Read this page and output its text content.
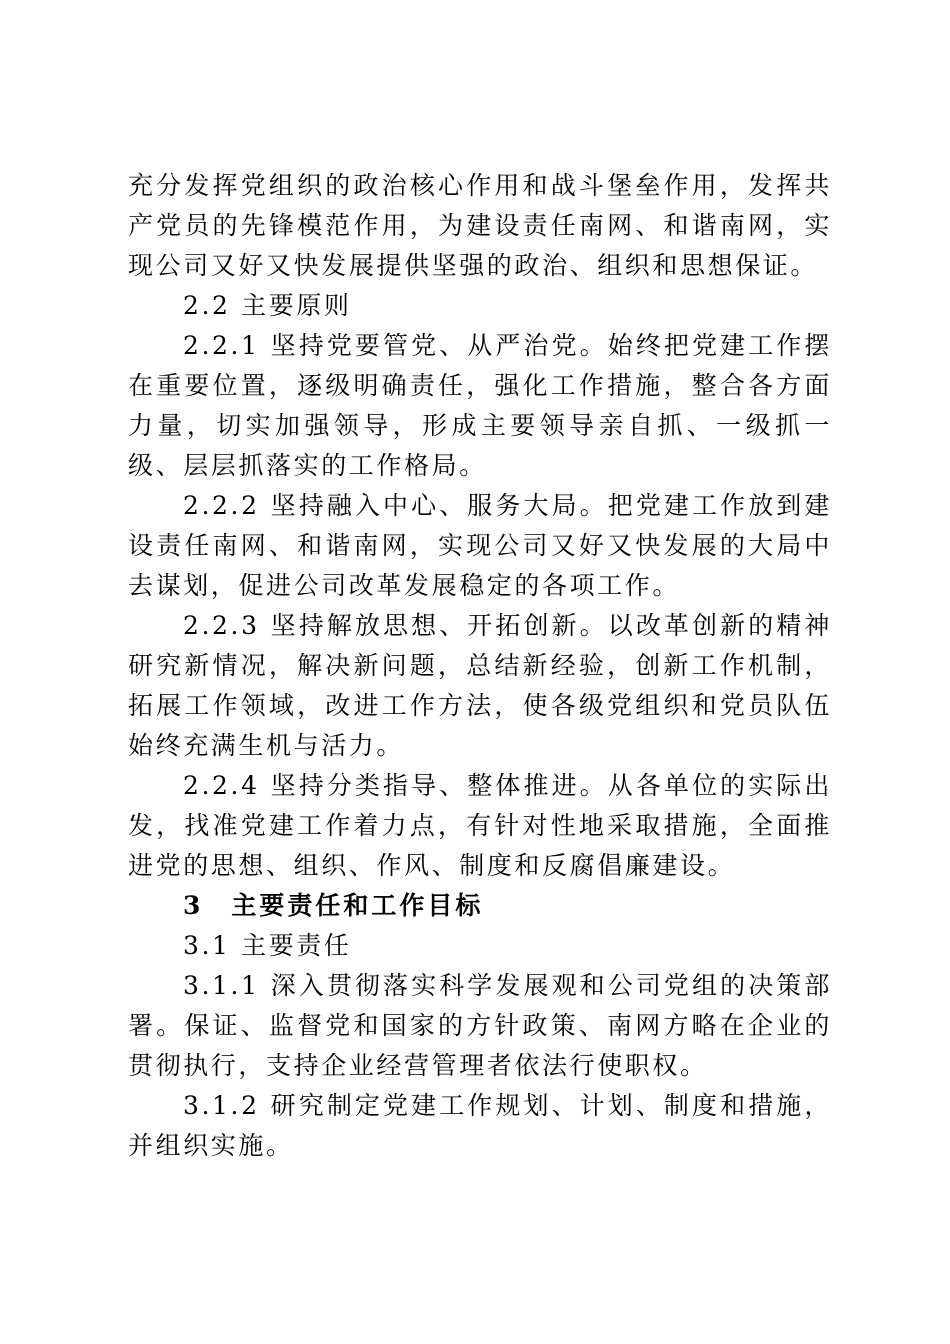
充分发挥党组织的政治核心作用和战斗堡垒作用，发挥共产党员的先锋模范作用，为建设责任南网、和谐南网，实现公司又好又快发展提供坚强的政治、组织和思想保证。

2.2 主要原则

2.2.1 坚持党要管党、从严治党。始终把党建工作摆在重要位置，逐级明确责任，强化工作措施，整合各方面力量，切实加强领导，形成主要领导亲自抓、一级抓一级、层层抓落实的工作格局。

2.2.2 坚持融入中心、服务大局。把党建工作放到建设责任南网、和谐南网，实现公司又好又快发展的大局中去谋划，促进公司改革发展稳定的各项工作。

2.2.3 坚持解放思想、开拓创新。以改革创新的精神研究新情况，解决新问题，总结新经验，创新工作机制，拓展工作领域，改进工作方法，使各级党组织和党员队伍始终充满生机与活力。

2.2.4 坚持分类指导、整体推进。从各单位的实际出发，找准党建工作着力点，有针对性地采取措施，全面推进党的思想、组织、作风、制度和反腐倡廉建设。

3　主要责任和工作目标

3.1 主要责任

3.1.1 深入贯彻落实科学发展观和公司党组的决策部署。保证、监督党和国家的方针政策、南网方略在企业的贯彻执行，支持企业经营管理者依法行使职权。

3.1.2 研究制定党建工作规划、计划、制度和措施，并组织实施。
